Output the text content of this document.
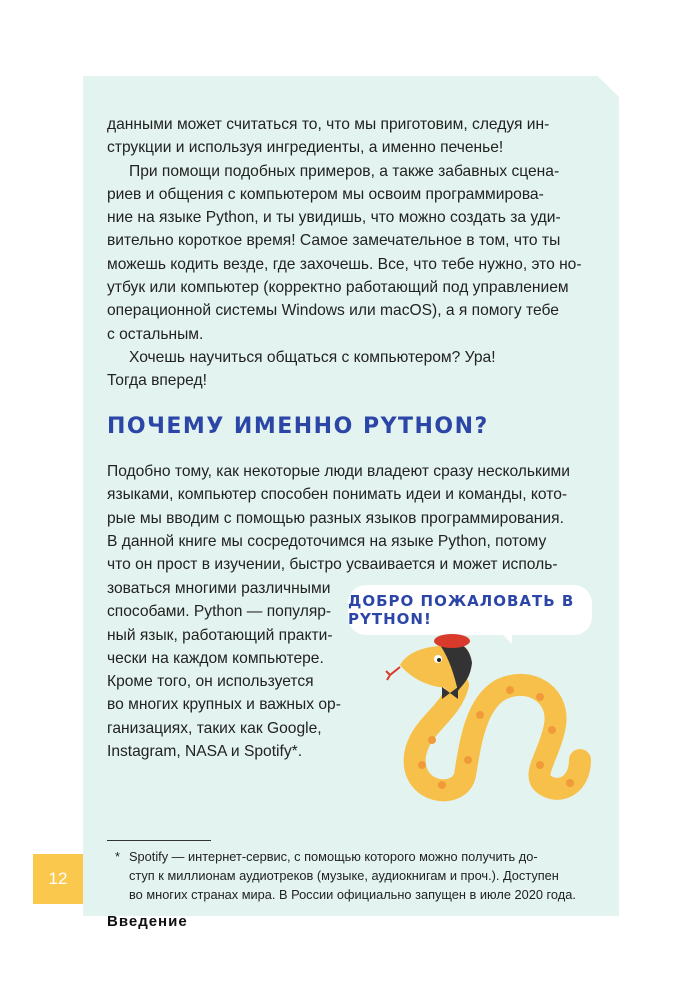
данными может считаться то, что мы приготовим, следуя ин-

струкции и используя ингредиенты, а именно печенье!

При помощи подобных примеров, а также забавных сцена-

риев и общения с компьютером мы освоим программирова-

ние на языке Python, и ты увидишь, что можно создать за уди-

вительно короткое время! Самое замечательное в том, что ты

можешь кодить везде, где захочешь. Все, что тебе нужно, это но-

утбук или компьютер (корректно работающий под управлением

операционной системы Windows или macOS), а я помогу тебе

с остальным.

Хочешь научиться общаться с компьютером? Ура!

Тогда вперед!

ПОЧЕМУ ИМЕННО PYTHON?

Подобно тому, как некоторые люди владеют сразу несколькими

языками, компьютер способен понимать идеи и команды, кото-

рые мы вводим с помощью разных языков программирования.

В данной книге мы сосредоточимся на языке Python, потому

что он прост в изучении, быстро усваивается и может исполь-

зоваться многими различными

способами. Python — популяр-

ный язык, работающий практи-

чески на каждом компьютере.

Кроме того, он используется

во многих крупных и важных ор-

ганизациях, таких как Google,

Instagram, NASA и Spotify*.

ДОБРО ПОЖАЛОВАТЬ В PYTHON!

* Spotify — интернет-сервис, с помощью которого можно получить до-

ступ к миллионам аудиотреков (музыке, аудиокнигам и проч.). Доступен

во многих странах мира. В России официально запущен в июле 2020 года.

12
Введение
